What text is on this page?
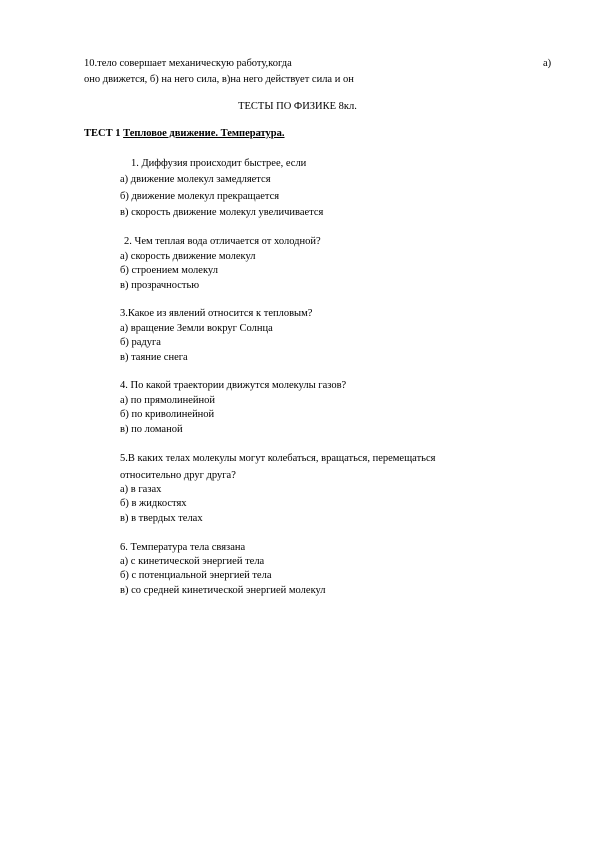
10.тело совершает механическую работу,когда	а)
оно движется, б) на него сила, в)на него действует сила и он
ТЕСТЫ ПО ФИЗИКЕ 8кл.
ТЕСТ 1 Тепловое движение. Температура.
1. Диффузия происходит быстрее, если
а) движение молекул замедляется
б) движение молекул прекращается
в) скорость движение молекул увеличивается
2. Чем теплая вода отличается от холодной?
а) скорость движение молекул
б) строением молекул
в) прозрачностью
3.Какое из явлений относится к тепловым?
а) вращение Земли вокруг Солнца
б) радуга
в) таяние снега
4. По какой траектории движутся молекулы газов?
а) по прямолинейной
б) по криволинейной
в) по ломаной
5.В каких телах молекулы могут колебаться, вращаться, перемещаться
относительно друг друга?
а) в газах
б) в жидкостях
в) в твердых телах
6. Температура тела связана
а) с кинетической энергией тела
б) с потенциальной энергией тела
в) со средней кинетической энергией молекул
